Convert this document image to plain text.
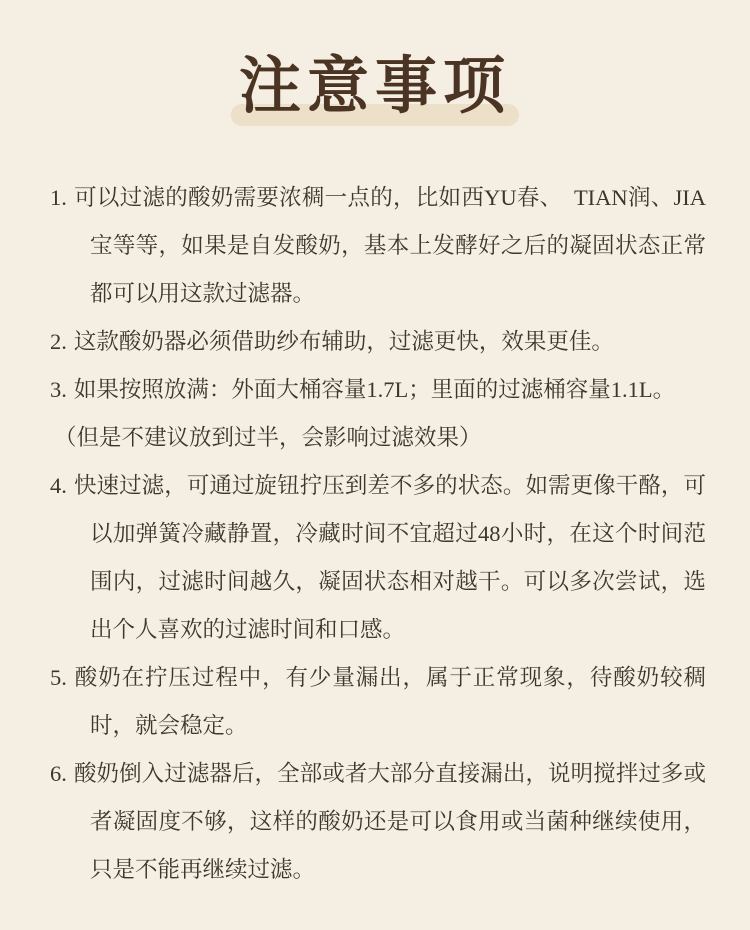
注意事项
1. 可以过滤的酸奶需要浓稠一点的，比如西YU春、　TIAN润、JIA宝等等，如果是自发酸奶，基本上发酵好之后的凝固状态正常都可以用这款过滤器。
2. 这款酸奶器必须借助纱布辅助，过滤更快，效果更佳。
3. 如果按照放满：外面大桶容量1.7L；里面的过滤桶容量1.1L。
（但是不建议放到过半，会影响过滤效果）
4. 快速过滤，可通过旋钮拧压到差不多的状态。如需更像干酪，可以加弹簧冷藏静置，冷藏时间不宜超过48小时，在这个时间范围内，过滤时间越久，凝固状态相对越干。可以多次尝试，选出个人喜欢的过滤时间和口感。
5. 酸奶在拧压过程中，有少量漏出，属于正常现象，待酸奶较稠时，就会稳定。
6. 酸奶倒入过滤器后，全部或者大部分直接漏出，说明搅拌过多或者凝固度不够，这样的酸奶还是可以食用或当菌种继续使用，只是不能再继续过滤。
